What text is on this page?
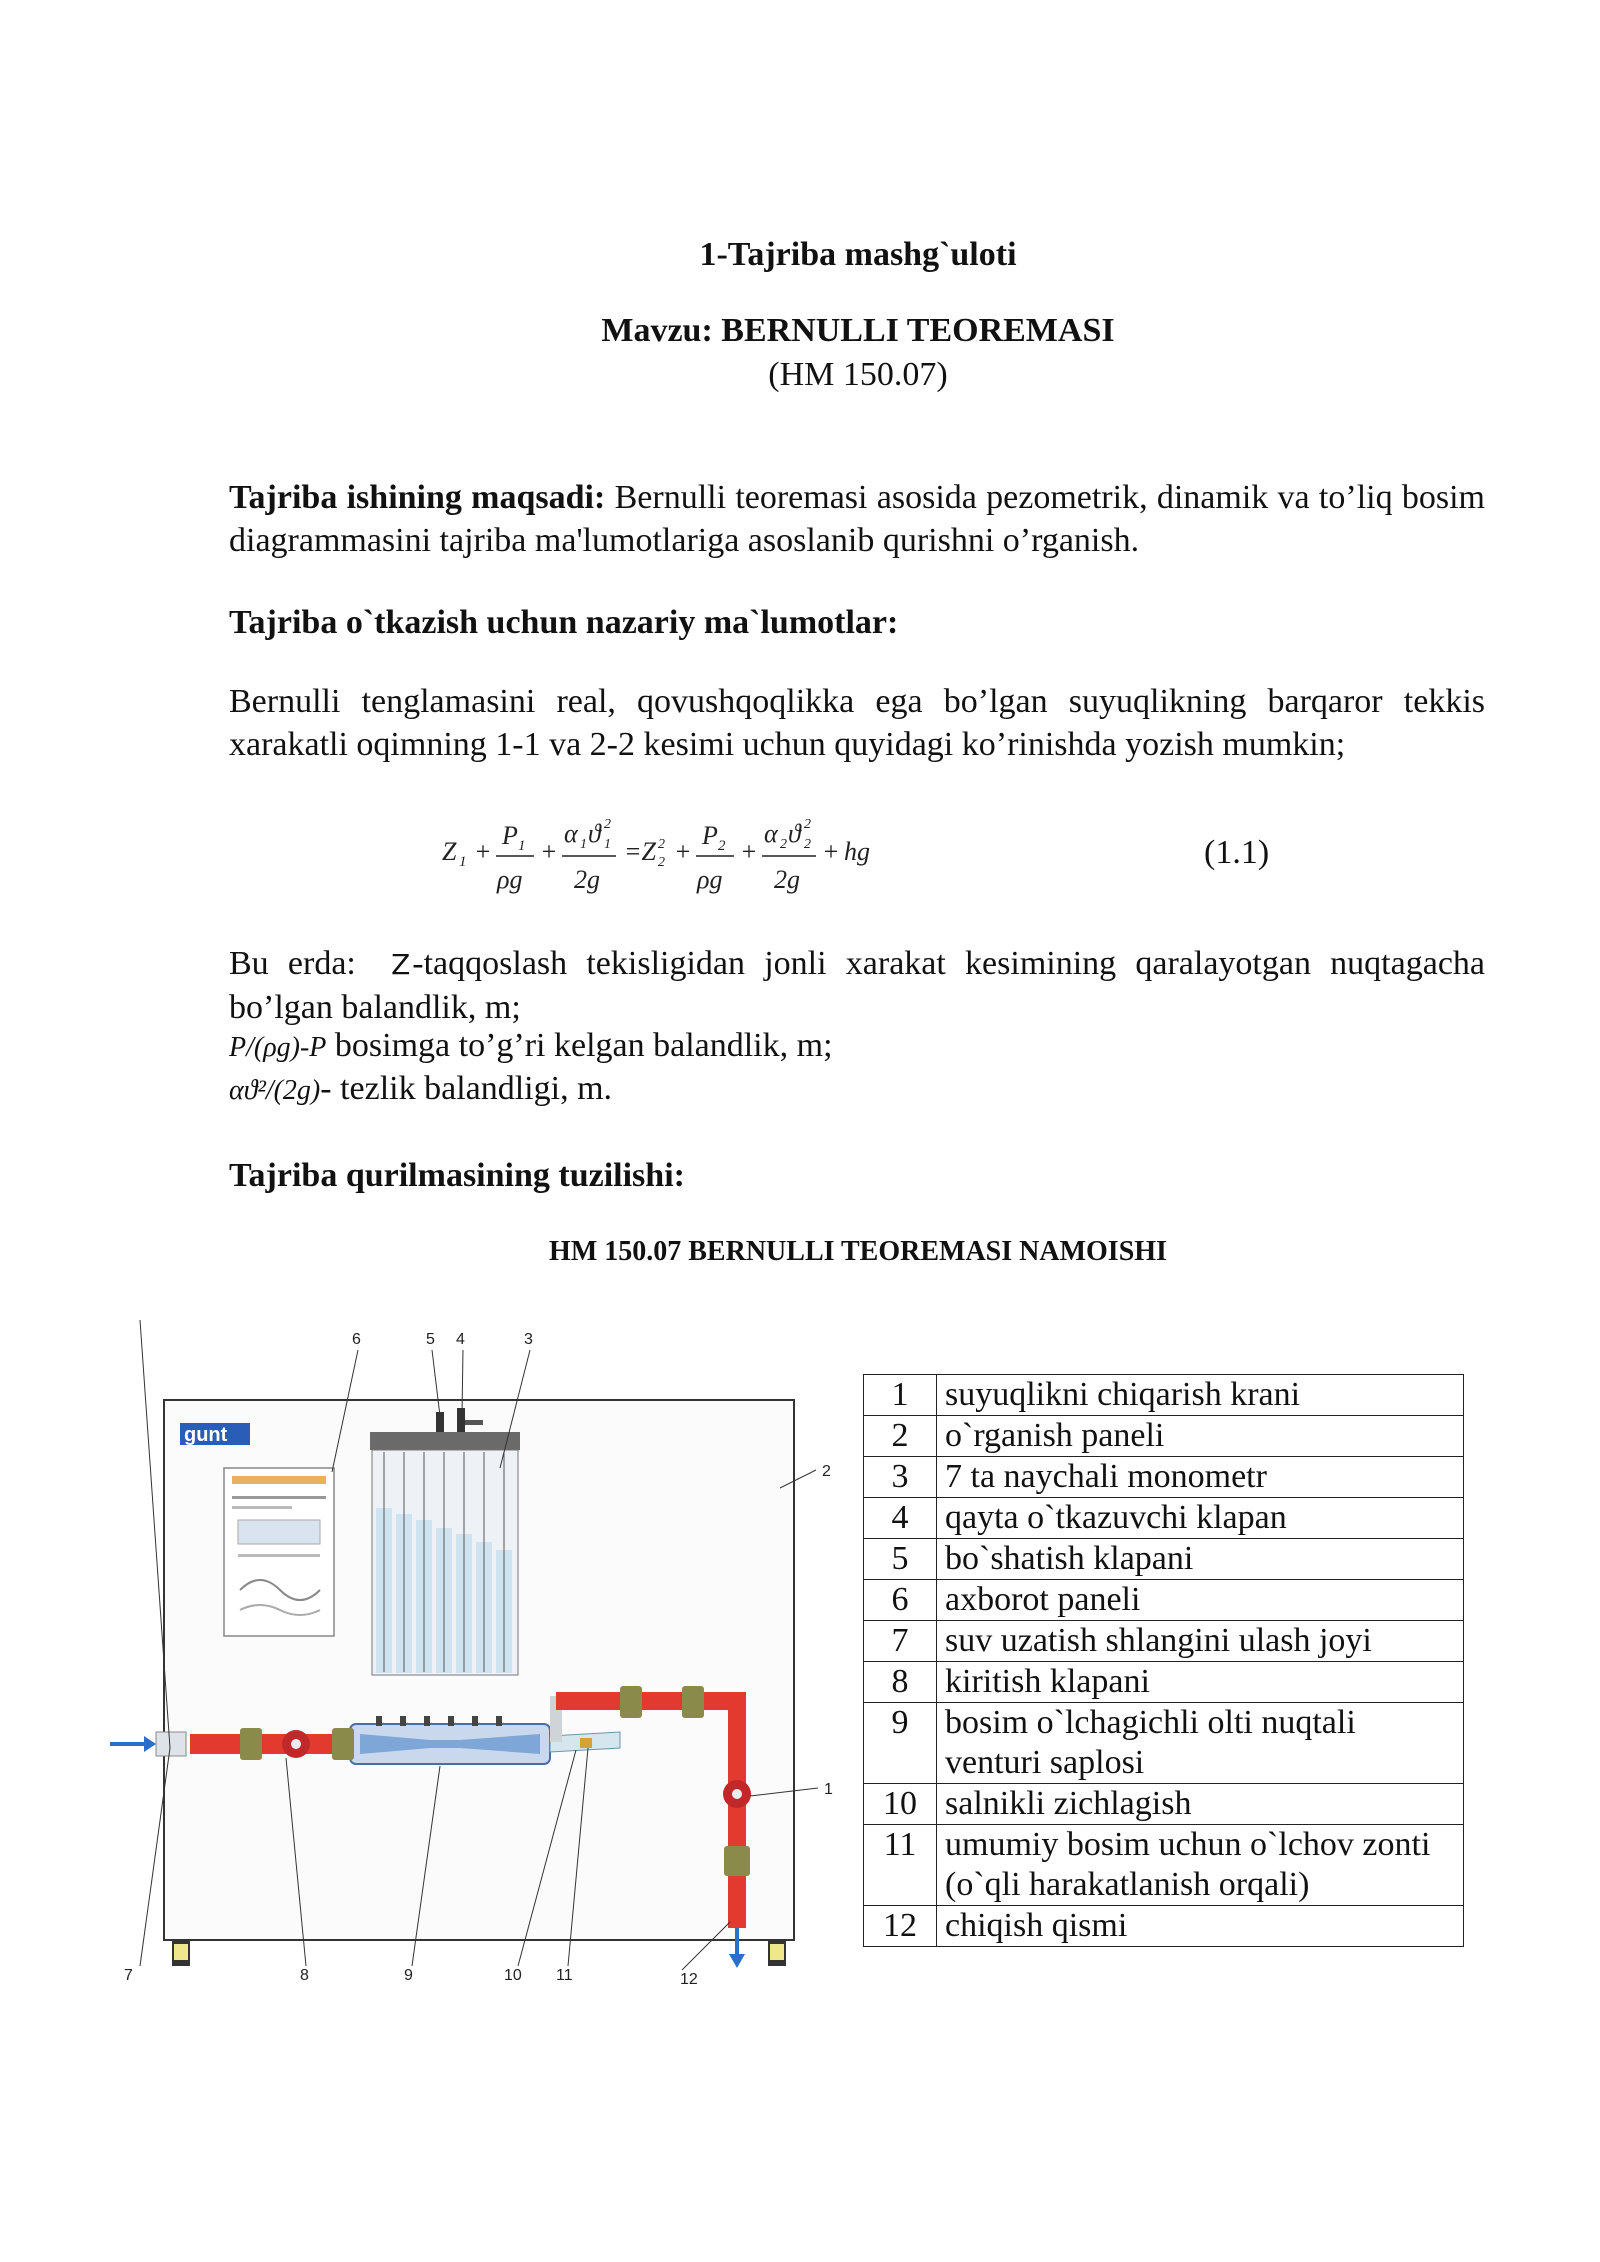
1-Tajriba mashg`uloti
Mavzu: BERNULLI TEOREMASI
(HM 150.07)
Tajriba ishining maqsadi: Bernulli teoremasi asosida pezometrik, dinamik va to’liq bosim diagrammasini tajriba ma'lumotlariga asoslanib qurishni o’rganish.
Tajriba o`tkazish uchun nazariy ma`lumotlar:
Bernulli tenglamasini real, qovushqoqlikka ega bo’lgan suyuqlikning barqaror tekkis xarakatli oqimning 1-1 va 2-2 kesimi uchun quyidagi ko’rinishda yozish mumkin;
Z 1 +
P 1
ρg
+
α 1 ϑ 1
2
2g
=Z 2
2 +
P 2
ρg
+
α 2 ϑ 2
2
2g
+ hg	(1.1)
Bu erda: Z-taqqoslash tekisligidan jonli xarakat kesimining qaralayotgan nuqtagacha bo’lgan balandlik, m;
P/(ρg)-P bosimga to’g’ri kelgan balandlik, m;
αϑ²/(2g)- tezlik balandligi, m.
Tajriba qurilmasining tuzilishi:
HM 150.07 BERNULLI TEOREMASI NAMOISHI
gunt
6	5 4	3
2
1
7	8	9	10 11	12
1	suyuqlikni chiqarish krani
2	o`rganish paneli
3	7 ta naychali monometr
4	qayta o`tkazuvchi klapan
5	bo`shatish klapani
6	axborot paneli
7	suv uzatish shlangini ulash joyi
8	kiritish klapani
9	bosim o`lchagichli olti nuqtali venturi saplosi
10	salnikli zichlagish
11	umumiy bosim uchun o`lchov zonti (o`qli harakatlanish orqali)
12	chiqish qismi
